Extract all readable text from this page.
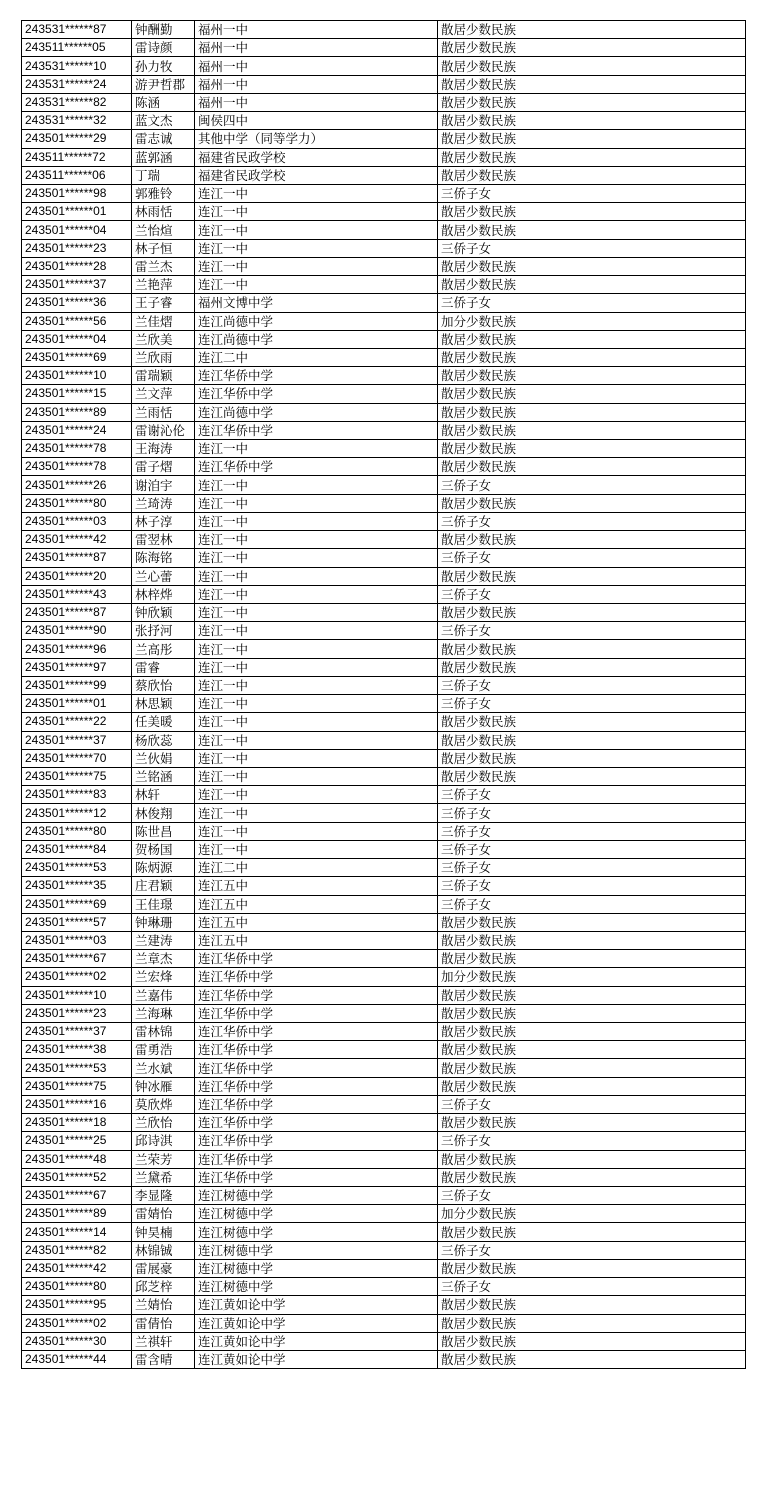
243531******87	钟酬勤	福州一中	散居少数民族
243511******05	雷诗颜	福州一中	散居少数民族
243531******10	孙力牧	福州一中	散居少数民族
243531******24	游尹哲郡	福州一中	散居少数民族
243531******82	陈涵	福州一中	散居少数民族
243531******32	蓝文杰	闽侯四中	散居少数民族
243501******29	雷志诚	其他中学（同等学力）	散居少数民族
243511******72	蓝郭涵	福建省民政学校	散居少数民族
243511******06	丁瑞	福建省民政学校	散居少数民族
243501******98	郭雅铃	连江一中	三侨子女
243501******01	林雨恬	连江一中	散居少数民族
243501******04	兰怡煊	连江一中	散居少数民族
243501******23	林子恒	连江一中	三侨子女
243501******28	雷兰杰	连江一中	散居少数民族
243501******37	兰艳萍	连江一中	散居少数民族
243501******36	王子睿	福州文博中学	三侨子女
243501******56	兰佳熠	连江尚德中学	加分少数民族
243501******04	兰欣美	连江尚德中学	散居少数民族
243501******69	兰欣雨	连江二中	散居少数民族
243501******10	雷瑞颖	连江华侨中学	散居少数民族
243501******15	兰文萍	连江华侨中学	散居少数民族
243501******89	兰雨恬	连江尚德中学	散居少数民族
243501******24	雷谢沁伦	连江华侨中学	散居少数民族
243501******78	王海涛	连江一中	散居少数民族
243501******78	雷子熠	连江华侨中学	散居少数民族
243501******26	谢洎宇	连江一中	三侨子女
243501******80	兰琦涛	连江一中	散居少数民族
243501******03	林子淳	连江一中	三侨子女
243501******42	雷翌林	连江一中	散居少数民族
243501******87	陈海铭	连江一中	三侨子女
243501******20	兰心蕾	连江一中	散居少数民族
243501******43	林梓烨	连江一中	三侨子女
243501******87	钟欣颖	连江一中	散居少数民族
243501******90	张抒河	连江一中	三侨子女
243501******96	兰高彤	连江一中	散居少数民族
243501******97	雷睿	连江一中	散居少数民族
243501******99	蔡欣怡	连江一中	三侨子女
243501******01	林思颖	连江一中	三侨子女
243501******22	任美暖	连江一中	散居少数民族
243501******37	杨欣蕊	连江一中	散居少数民族
243501******70	兰伙娟	连江一中	散居少数民族
243501******75	兰铭涵	连江一中	散居少数民族
243501******83	林轩	连江一中	三侨子女
243501******12	林俊翔	连江一中	三侨子女
243501******80	陈世昌	连江一中	三侨子女
243501******84	贺杨国	连江一中	三侨子女
243501******53	陈炳源	连江二中	三侨子女
243501******35	庄君颖	连江五中	三侨子女
243501******69	王佳璟	连江五中	三侨子女
243501******57	钟琳珊	连江五中	散居少数民族
243501******03	兰建涛	连江五中	散居少数民族
243501******67	兰章杰	连江华侨中学	散居少数民族
243501******02	兰宏烽	连江华侨中学	加分少数民族
243501******10	兰嘉伟	连江华侨中学	散居少数民族
243501******23	兰海琳	连江华侨中学	散居少数民族
243501******37	雷林锦	连江华侨中学	散居少数民族
243501******38	雷勇浩	连江华侨中学	散居少数民族
243501******53	兰水斌	连江华侨中学	散居少数民族
243501******75	钟冰雁	连江华侨中学	散居少数民族
243501******16	莫欣烨	连江华侨中学	三侨子女
243501******18	兰欣怡	连江华侨中学	散居少数民族
243501******25	邱诗淇	连江华侨中学	三侨子女
243501******48	兰荣芳	连江华侨中学	散居少数民族
243501******52	兰黛希	连江华侨中学	散居少数民族
243501******67	李显隆	连江树德中学	三侨子女
243501******89	雷婧怡	连江树德中学	加分少数民族
243501******14	钟昊楠	连江树德中学	散居少数民族
243501******82	林锦铖	连江树德中学	三侨子女
243501******42	雷展豪	连江树德中学	散居少数民族
243501******80	邱芝梓	连江树德中学	三侨子女
243501******95	兰婧怡	连江黄如论中学	散居少数民族
243501******02	雷倩怡	连江黄如论中学	散居少数民族
243501******30	兰祺轩	连江黄如论中学	散居少数民族
243501******44	雷含晴	连江黄如论中学	散居少数民族
